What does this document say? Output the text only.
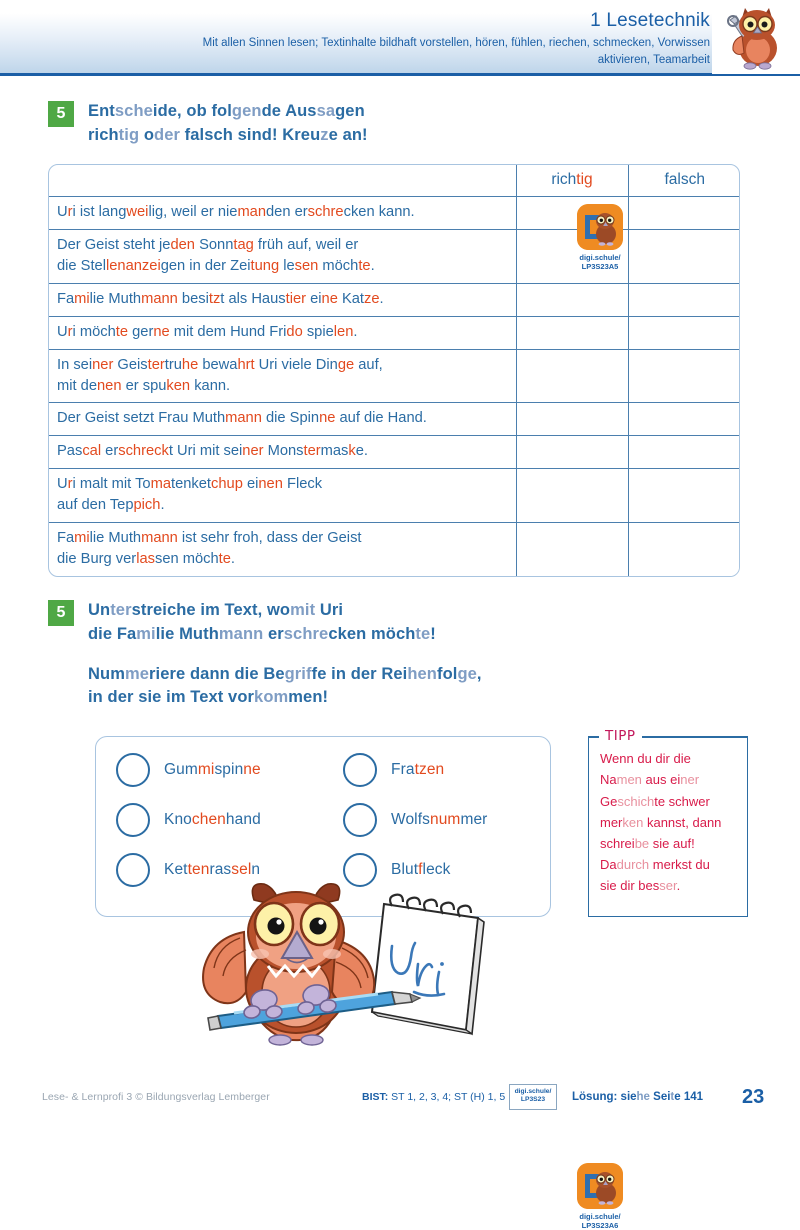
1 Lesetechnik
Mit allen Sinnen lesen; Textinhalte bildhaft vorstellen, hören, fühlen, riechen, schmecken, Vorwissen aktivieren, Teamarbeit
5	Entscheide, ob folgende Aussagen
richtig oder falsch sind! Kreuze an!
digi.schule/
LP3S23A5
	richtig	falsch
Uri ist langweilig, weil er niemanden erschrecken kann.		
Der Geist steht jeden Sonntag früh auf, weil er
die Stellenanzeigen in der Zeitung lesen möchte.		
Familie Muthmann besitzt als Haustier eine Katze.		
Uri möchte gerne mit dem Hund Frido spielen.		
In seiner Geistertruhe bewahrt Uri viele Dinge auf,
mit denen er spuken kann.		
Der Geist setzt Frau Muthmann die Spinne auf die Hand.		
Pascal erschreckt Uri mit seiner Monstermaske.		
Uri malt mit Tomatenketchup einen Fleck
auf den Teppich.		
Familie Muthmann ist sehr froh, dass der Geist
die Burg verlassen möchte.		
5	Unterstreiche im Text, womit Uri
die Familie Muthmann erschrecken möchte!
Nummeriere dann die Begriffe in der Reihenfolge,
in der sie im Text vorkommen!
digi.schule/
LP3S23A6
Gummispinne	Fratzen
Knochenhand	Wolfsnummer
Kettenrasseln	Blutfleck
TIPP
Wenn du dir die
Namen aus einer
Geschichte schwer
merken kannst, dann
schreibe sie auf!
Dadurch merkst du
sie dir besser.
Lese- & Lernprofi 3 © Bildungsverlag Lemberger	BIST: ST 1, 2, 3, 4; ST (H) 1, 5	digi.schule/
LP3S23	Lösung: siehe Seite 141 23
